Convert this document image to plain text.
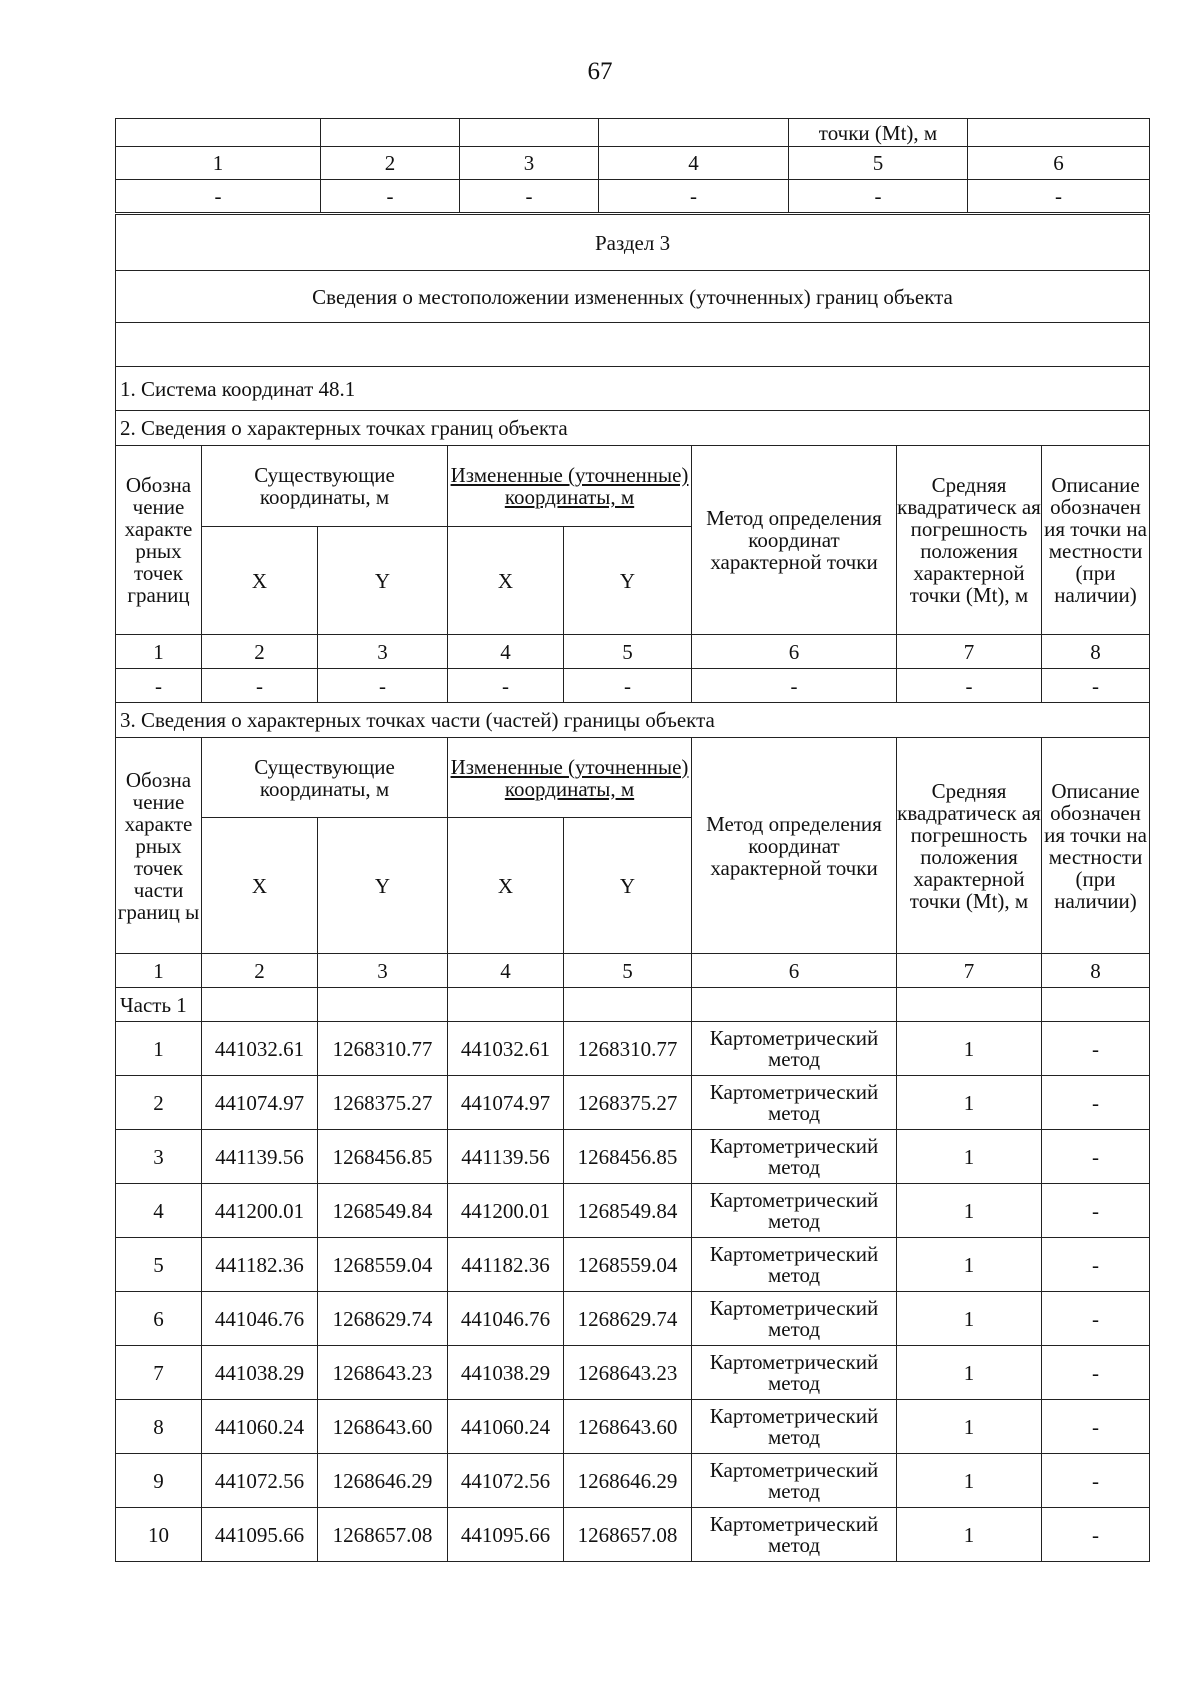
67
				точки (Mt), м	
1	2	3	4	5	6
-	-	-	-	-	-
Раздел 3							
Сведения о местоположении измененных (уточненных) границ объекта							

1. Система координат 48.1							
2. Сведения о характерных точках границ объекта							
Обозна чение характе рных точек границ	Существующие координаты, м		Измененные (уточненные) координаты, м		Метод определения координат характерной точки	Средняя квадратическ ая погрешность положения характерной точки (Mt), м	Описание обозначен ия точки на местности (при наличии)
	X	Y	X	Y			
1	2	3	4	5	6	7	8
-	-	-	-	-	-	-	-
3. Сведения о характерных точках части (частей) границы объекта							
Обозна чение характе рных точек части границ ы	Существующие координаты, м		Измененные (уточненные) координаты, м		Метод определения координат характерной точки	Средняя квадратическ ая погрешность положения характерной точки (Mt), м	Описание обозначен ия точки на местности (при наличии)
	X	Y	X	Y			
1	2	3	4	5	6	7	8
Часть 1							
1	441032.61	1268310.77	441032.61	1268310.77	Картометрический метод	1	-
2	441074.97	1268375.27	441074.97	1268375.27	Картометрический метод	1	-
3	441139.56	1268456.85	441139.56	1268456.85	Картометрический метод	1	-
4	441200.01	1268549.84	441200.01	1268549.84	Картометрический метод	1	-
5	441182.36	1268559.04	441182.36	1268559.04	Картометрический метод	1	-
6	441046.76	1268629.74	441046.76	1268629.74	Картометрический метод	1	-
7	441038.29	1268643.23	441038.29	1268643.23	Картометрический метод	1	-
8	441060.24	1268643.60	441060.24	1268643.60	Картометрический метод	1	-
9	441072.56	1268646.29	441072.56	1268646.29	Картометрический метод	1	-
10	441095.66	1268657.08	441095.66	1268657.08	Картометрический метод	1	-
